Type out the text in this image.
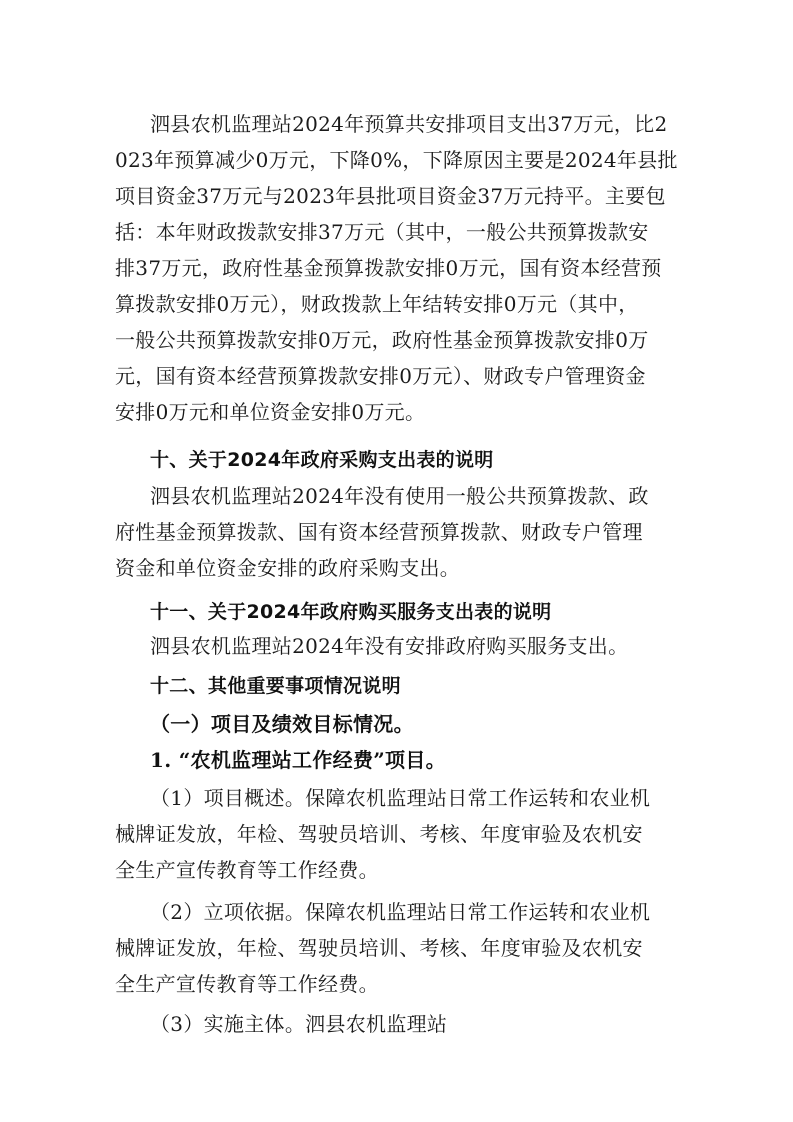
泗县农机监理站2024年预算共安排项目支出37万元，比2
023年预算减少0万元，下降0%，下降原因主要是2024年县批
项目资金37万元与2023年县批项目资金37万元持平。主要包
括：本年财政拨款安排37万元（其中，一般公共预算拨款安
排37万元，政府性基金预算拨款安排0万元，国有资本经营预
算拨款安排0万元），财政拨款上年结转安排0万元（其中，
一般公共预算拨款安排0万元，政府性基金预算拨款安排0万
元，国有资本经营预算拨款安排0万元）、财政专户管理资金
安排0万元和单位资金安排0万元。
十、关于2024年政府采购支出表的说明
泗县农机监理站2024年没有使用一般公共预算拨款、政
府性基金预算拨款、国有资本经营预算拨款、财政专户管理
资金和单位资金安排的政府采购支出。
十一、关于2024年政府购买服务支出表的说明
泗县农机监理站2024年没有安排政府购买服务支出。
十二、其他重要事项情况说明
（一）项目及绩效目标情况。
1. “农机监理站工作经费”项目。
（1）项目概述。保障农机监理站日常工作运转和农业机
械牌证发放，年检、驾驶员培训、考核、年度审验及农机安
全生产宣传教育等工作经费。
（2）立项依据。保障农机监理站日常工作运转和农业机
械牌证发放，年检、驾驶员培训、考核、年度审验及农机安
全生产宣传教育等工作经费。
（3）实施主体。泗县农机监理站
